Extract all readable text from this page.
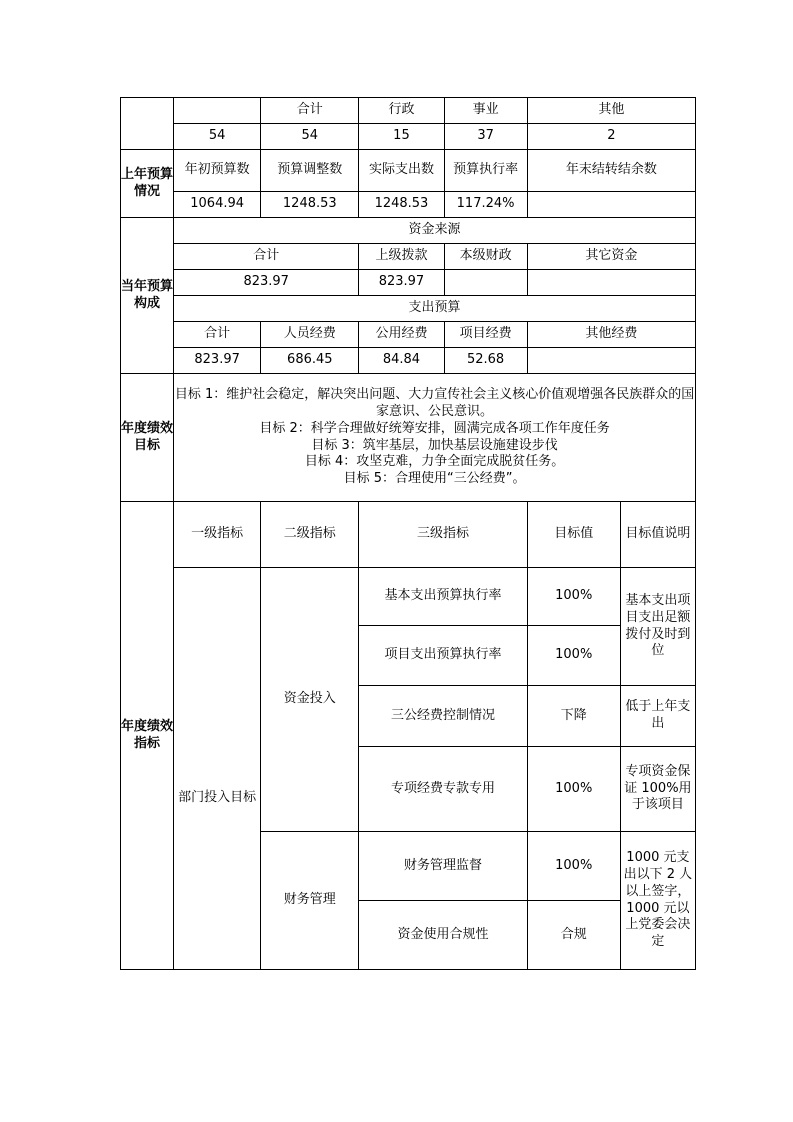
		合计	行政	事业	其他	
	54	54	15	37	2	
上年预算情况	年初预算数	预算调整数	实际支出数	预算执行率	年末结转结余数	
	1064.94	1248.53	1248.53	117.24%		
当年预算构成	资金来源					
	合计		上级拨款	本级财政	其它资金	
	823.97		823.97			
	支出预算					
	合计	人员经费	公用经费	项目经费	其他经费	
	823.97	686.45	84.84	52.68		
年度绩效目标	目标 1：维护社会稳定，解决突出问题、大力宣传社会主义核心价值观增强各民族群众的国家意识、公民意识。
目标 2：科学合理做好统筹安排，圆满完成各项工作年度任务
目标 3：筑牢基层，加快基层设施建设步伐
目标 4：攻坚克难，力争全面完成脱贫任务。
目标 5：合理使用“三公经费”。					

年度绩效指标	一级指标	二级指标	三级指标		目标值	目标值说明
	部门投入目标	资金投入	基本支出预算执行率		100%	基本支出项目支出足额拨付及时到位
			项目支出预算执行率		100%	
			三公经费控制情况		下降	低于上年支出
			专项经费专款专用		100%	专项资金保证 100%用于该项目
		财务管理	财务管理监督		100%	1000 元支出以下 2 人以上签字，1000 元以上党委会决定
			资金使用合规性		合规	
